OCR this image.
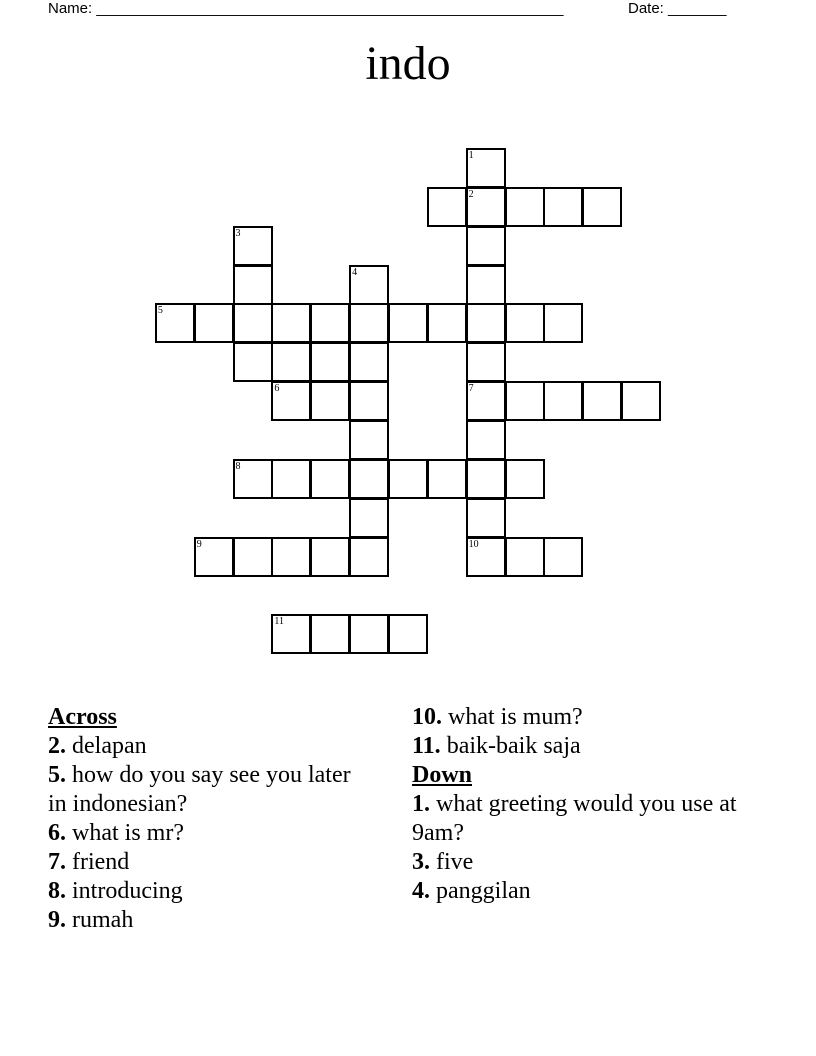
Name: ________________________________________________________	Date: _______
indo
1
2
3
4
5
6	7
8
9	10
11
Across
2. delapan
5. how do you say see you later in indonesian?
6. what is mr?
7. friend
8. introducing
9. rumah
10. what is mum?
11. baik-baik saja
Down
1. what greeting would you use at 9am?
3. five
4. panggilan
